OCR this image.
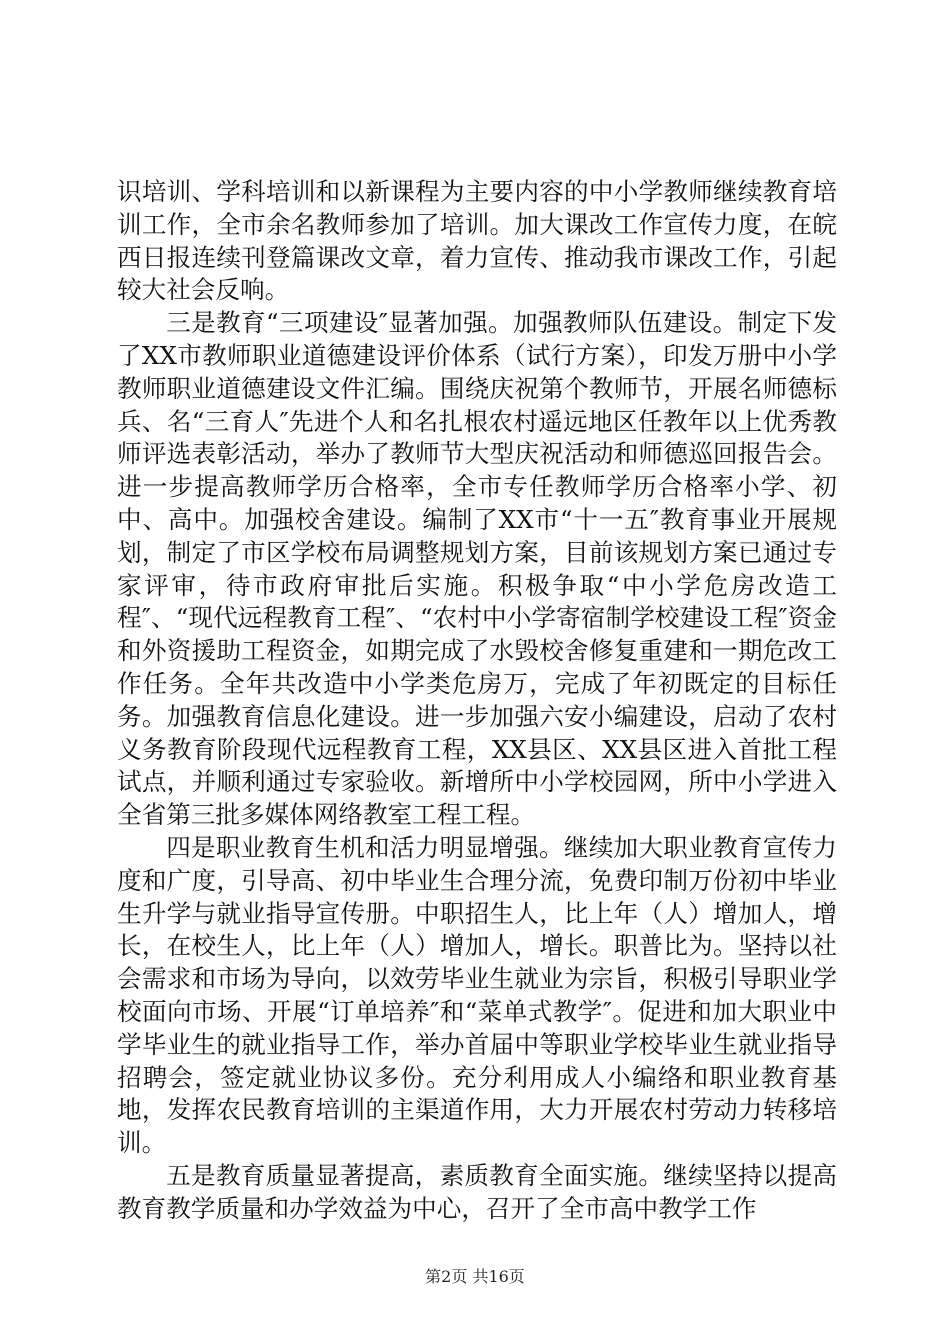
识培训、学科培训和以新课程为主要内容的中小学教师继续教育培训工作，全市余名教师参加了培训。加大课改工作宣传力度，在皖西日报连续刊登篇课改文章，着力宣传、推动我市课改工作，引起较大社会反响。

三是教育“三项建设″显著加强。加强教师队伍建设。制定下发了XX市教师职业道德建设评价体系（试行方案），印发万册中小学教师职业道德建设文件汇编。围绕庆祝第个教师节，开展名师德标兵、名“三育人″先进个人和名扎根农村遥远地区任教年以上优秀教师评选表彰活动，举办了教师节大型庆祝活动和师德巡回报告会。进一步提高教师学历合格率，全市专任教师学历合格率小学、初中、高中。加强校舍建设。编制了XX市“十一五″教育事业开展规划，制定了市区学校布局调整规划方案，目前该规划方案已通过专家评审，待市政府审批后实施。积极争取“中小学危房改造工程″、“现代远程教育工程″、“农村中小学寄宿制学校建设工程″资金和外资援助工程资金，如期完成了水毁校舍修复重建和一期危改工作任务。全年共改造中小学类危房万，完成了年初既定的目标任务。加强教育信息化建设。进一步加强六安小编建设，启动了农村义务教育阶段现代远程教育工程，XX县区、XX县区进入首批工程试点，并顺利通过专家验收。新增所中小学校园网，所中小学进入全省第三批多媒体网络教室工程工程。

四是职业教育生机和活力明显增强。继续加大职业教育宣传力度和广度，引导高、初中毕业生合理分流，免费印制万份初中毕业生升学与就业指导宣传册。中职招生人，比上年（人）增加人，增长，在校生人，比上年（人）增加人，增长。职普比为。坚持以社会需求和市场为导向，以效劳毕业生就业为宗旨，积极引导职业学校面向市场、开展“订单培养″和“菜单式教学″。促进和加大职业中学毕业生的就业指导工作，举办首届中等职业学校毕业生就业指导招聘会，签定就业协议多份。充分利用成人小编络和职业教育基地，发挥农民教育培训的主渠道作用，大力开展农村劳动力转移培训。

五是教育质量显著提高，素质教育全面实施。继续坚持以提高教育教学质量和办学效益为中心，召开了全市高中教学工作

第2页 共16页
